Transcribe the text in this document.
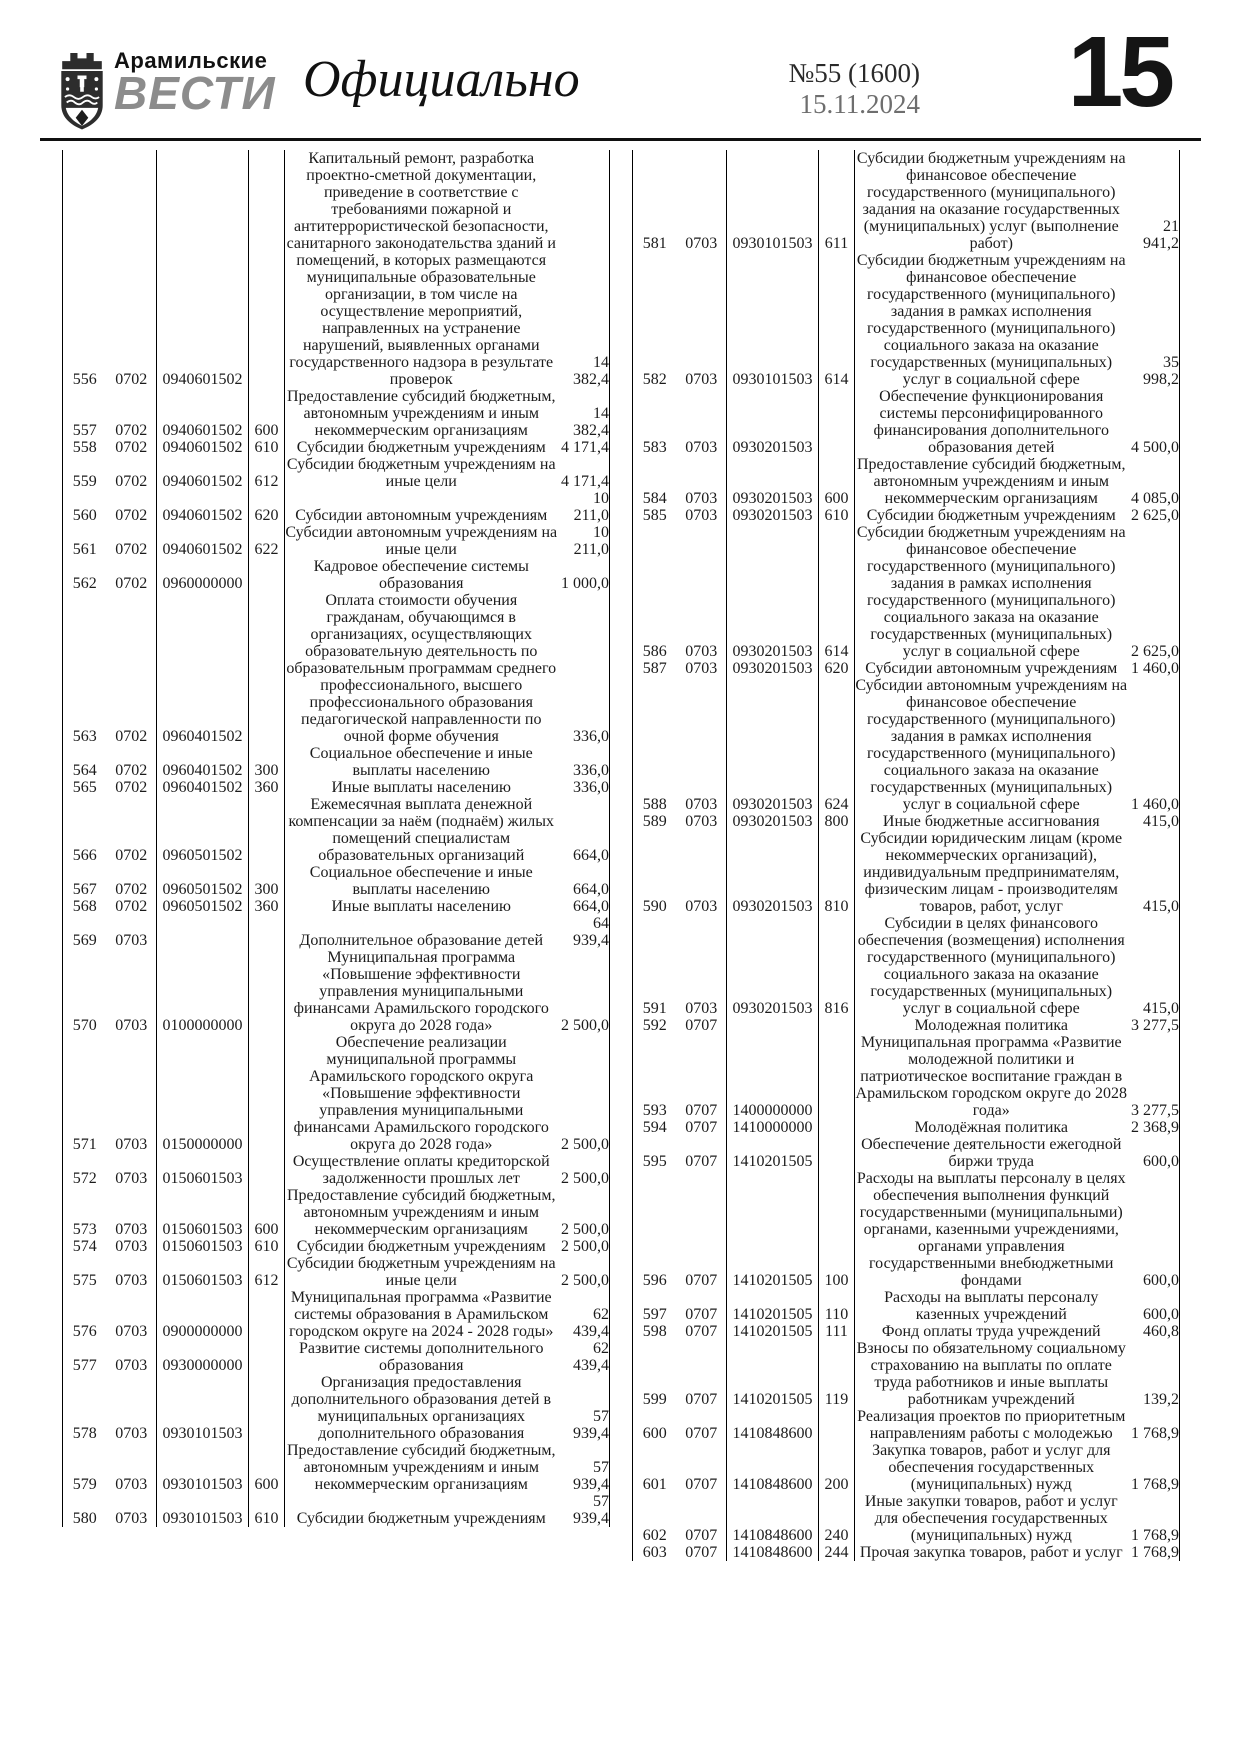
Арамильские
ВЕСТИ Официально	№55 (1600)
15.11.2024 15
556	0702	0940601502		Капитальный ремонт, разработка проектно-сметной документации, приведение в соответствие с требованиями пожарной и антитеррористической безопасности, санитарного законодательства зданий и помещений, в которых размещаются муниципальные образовательные организации, в том числе на осуществление мероприятий, направленных на устранение нарушений, выявленных органами государственного надзора в результате проверок	14 382,4
557	0702	0940601502	600	Предоставление субсидий бюджетным, автономным учреждениям и иным некоммерческим организациям	14 382,4
558	0702	0940601502	610	Субсидии бюджетным учреждениям	4 171,4
559	0702	0940601502	612	Субсидии бюджетным учреждениям на иные цели	4 171,4
560	0702	0940601502	620	Субсидии автономным учреждениям	10 211,0
561	0702	0940601502	622	Субсидии автономным учреждениям на иные цели	10 211,0
562	0702	0960000000		Кадровое обеспечение системы образования	1 000,0
563	0702	0960401502		Оплата стоимости обучения гражданам, обучающимся в организациях, осуществляющих образовательную деятельность по образовательным программам среднего профессионального, высшего профессионального образования педагогической направленности по очной форме обучения	336,0
564	0702	0960401502	300	Социальное обеспечение и иные выплаты населению	336,0
565	0702	0960401502	360	Иные выплаты населению	336,0
566	0702	0960501502		Ежемесячная выплата денежной компенсации за наём (поднаём) жилых помещений специалистам образовательных организаций	664,0
567	0702	0960501502	300	Социальное обеспечение и иные выплаты населению	664,0
568	0702	0960501502	360	Иные выплаты населению	664,0
569	0703			Дополнительное образование детей	64 939,4
570	0703	0100000000		Муниципальная программа «Повышение эффективности управления муниципальными финансами Арамильского городского округа до 2028 года»	2 500,0
571	0703	0150000000		Обеспечение реализации муниципальной программы Арамильского городского округа «Повышение эффективности управления муниципальными финансами Арамильского городского округа до 2028 года»	2 500,0
572	0703	0150601503		Осуществление оплаты кредиторской задолженности прошлых лет	2 500,0
573	0703	0150601503	600	Предоставление субсидий бюджетным, автономным учреждениям и иным некоммерческим организациям	2 500,0
574	0703	0150601503	610	Субсидии бюджетным учреждениям	2 500,0
575	0703	0150601503	612	Субсидии бюджетным учреждениям на иные цели	2 500,0
576	0703	0900000000		Муниципальная программа «Развитие системы образования в Арамильском городском округе на 2024 - 2028 годы»	62 439,4
577	0703	0930000000		Развитие системы дополнительного образования	62 439,4
578	0703	0930101503		Организация предоставления дополнительного образования детей в муниципальных организациях дополнительного образования	57 939,4
579	0703	0930101503	600	Предоставление субсидий бюджетным, автономным учреждениям и иным некоммерческим организациям	57 939,4
580	0703	0930101503	610	Субсидии бюджетным учреждениям	57 939,4
581	0703	0930101503	611	Субсидии бюджетным учреждениям на финансовое обеспечение государственного (муниципального) задания на оказание государственных (муниципальных) услуг (выполнение работ)	21 941,2
582	0703	0930101503	614	Субсидии бюджетным учреждениям на финансовое обеспечение государственного (муниципального) задания в рамках исполнения государственного (муниципального) социального заказа на оказание государственных (муниципальных) услуг в социальной сфере	35 998,2
583	0703	0930201503		Обеспечение функционирования системы персонифицированного финансирования дополнительного образования детей	4 500,0
584	0703	0930201503	600	Предоставление субсидий бюджетным, автономным учреждениям и иным некоммерческим организациям	4 085,0
585	0703	0930201503	610	Субсидии бюджетным учреждениям	2 625,0
586	0703	0930201503	614	Субсидии бюджетным учреждениям на финансовое обеспечение государственного (муниципального) задания в рамках исполнения государственного (муниципального) социального заказа на оказание государственных (муниципальных) услуг в социальной сфере	2 625,0
587	0703	0930201503	620	Субсидии автономным учреждениям	1 460,0
588	0703	0930201503	624	Субсидии автономным учреждениям на финансовое обеспечение государственного (муниципального) задания в рамках исполнения государственного (муниципального) социального заказа на оказание государственных (муниципальных) услуг в социальной сфере	1 460,0
589	0703	0930201503	800	Иные бюджетные ассигнования	415,0
590	0703	0930201503	810	Субсидии юридическим лицам (кроме некоммерческих организаций), индивидуальным предпринимателям, физическим лицам - производителям товаров, работ, услуг	415,0
591	0703	0930201503	816	Субсидии в целях финансового обеспечения (возмещения) исполнения государственного (муниципального) социального заказа на оказание государственных (муниципальных) услуг в социальной сфере	415,0
592	0707			Молодежная политика	3 277,5
593	0707	1400000000		Муниципальная программа «Развитие молодежной политики и патриотическое воспитание граждан в Арамильском городском округе до 2028 года»	3 277,5
594	0707	1410000000		Молодёжная политика	2 368,9
595	0707	1410201505		Обеспечение деятельности ежегодной биржи труда	600,0
596	0707	1410201505	100	Расходы на выплаты персоналу в целях обеспечения выполнения функций государственными (муниципальными) органами, казенными учреждениями, органами управления государственными внебюджетными фондами	600,0
597	0707	1410201505	110	Расходы на выплаты персоналу казенных учреждений	600,0
598	0707	1410201505	111	Фонд оплаты труда учреждений	460,8
599	0707	1410201505	119	Взносы по обязательному социальному страхованию на выплаты по оплате труда работников и иные выплаты работникам учреждений	139,2
600	0707	1410848600		Реализация проектов по приоритетным направлениям работы с молодежью	1 768,9
601	0707	1410848600	200	Закупка товаров, работ и услуг для обеспечения государственных (муниципальных) нужд	1 768,9
602	0707	1410848600	240	Иные закупки товаров, работ и услуг для обеспечения государственных (муниципальных) нужд	1 768,9
603	0707	1410848600	244	Прочая закупка товаров, работ и услуг	1 768,9
